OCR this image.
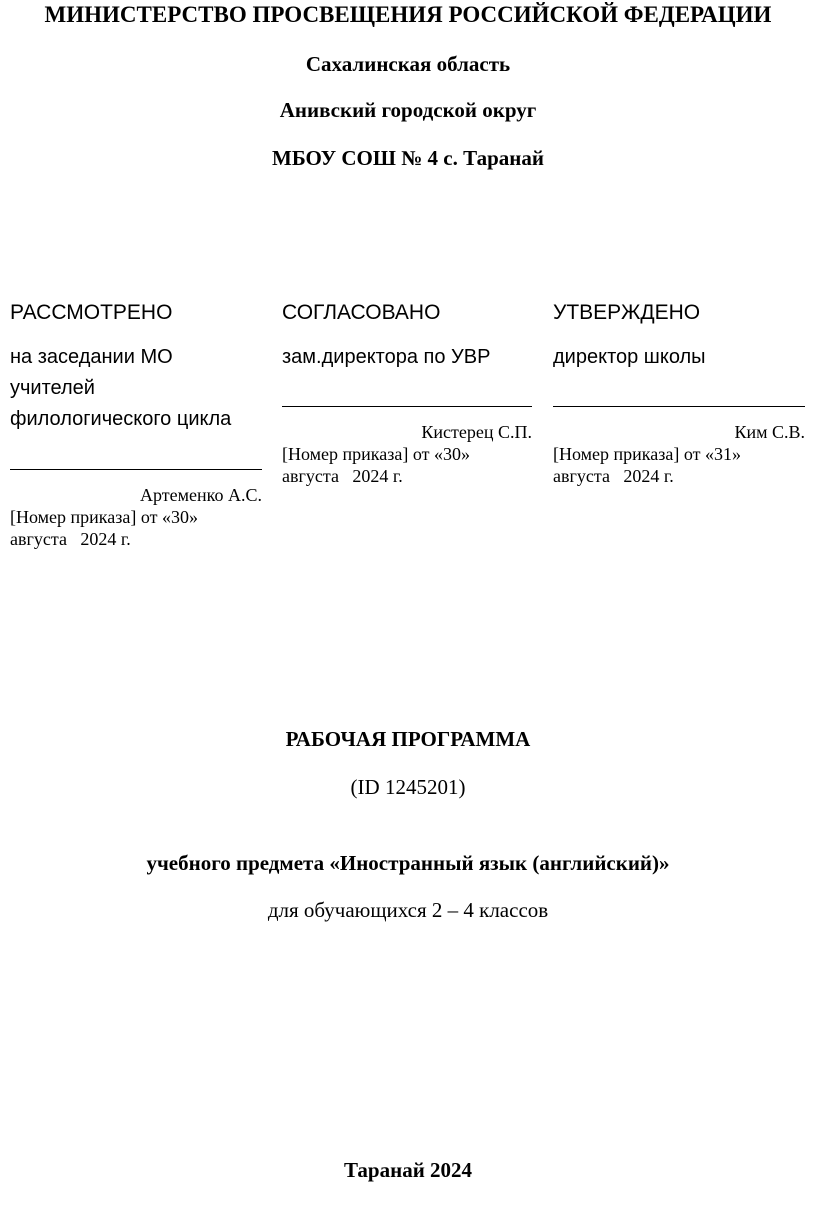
МИНИСТЕРСТВО ПРОСВЕЩЕНИЯ РОССИЙСКОЙ ФЕДЕРАЦИИ
Сахалинская область
Анивский городской округ
МБОУ СОШ № 4 с. Таранай
РАССМОТРЕНО
на заседании МО
учителей
филологического цикла
Артеменко А.С.
[Номер приказа] от «30»
августа   2024 г.
СОГЛАСОВАНО
зам.директора по УВР
Кистерец С.П.
[Номер приказа] от «30»
августа   2024 г.
УТВЕРЖДЕНО
директор школы
Ким С.В.
[Номер приказа] от «31»
августа   2024 г.
РАБОЧАЯ ПРОГРАММА
(ID 1245201)
учебного предмета «Иностранный язык (английский)»
для обучающихся 2 – 4 классов
Таранай 2024
